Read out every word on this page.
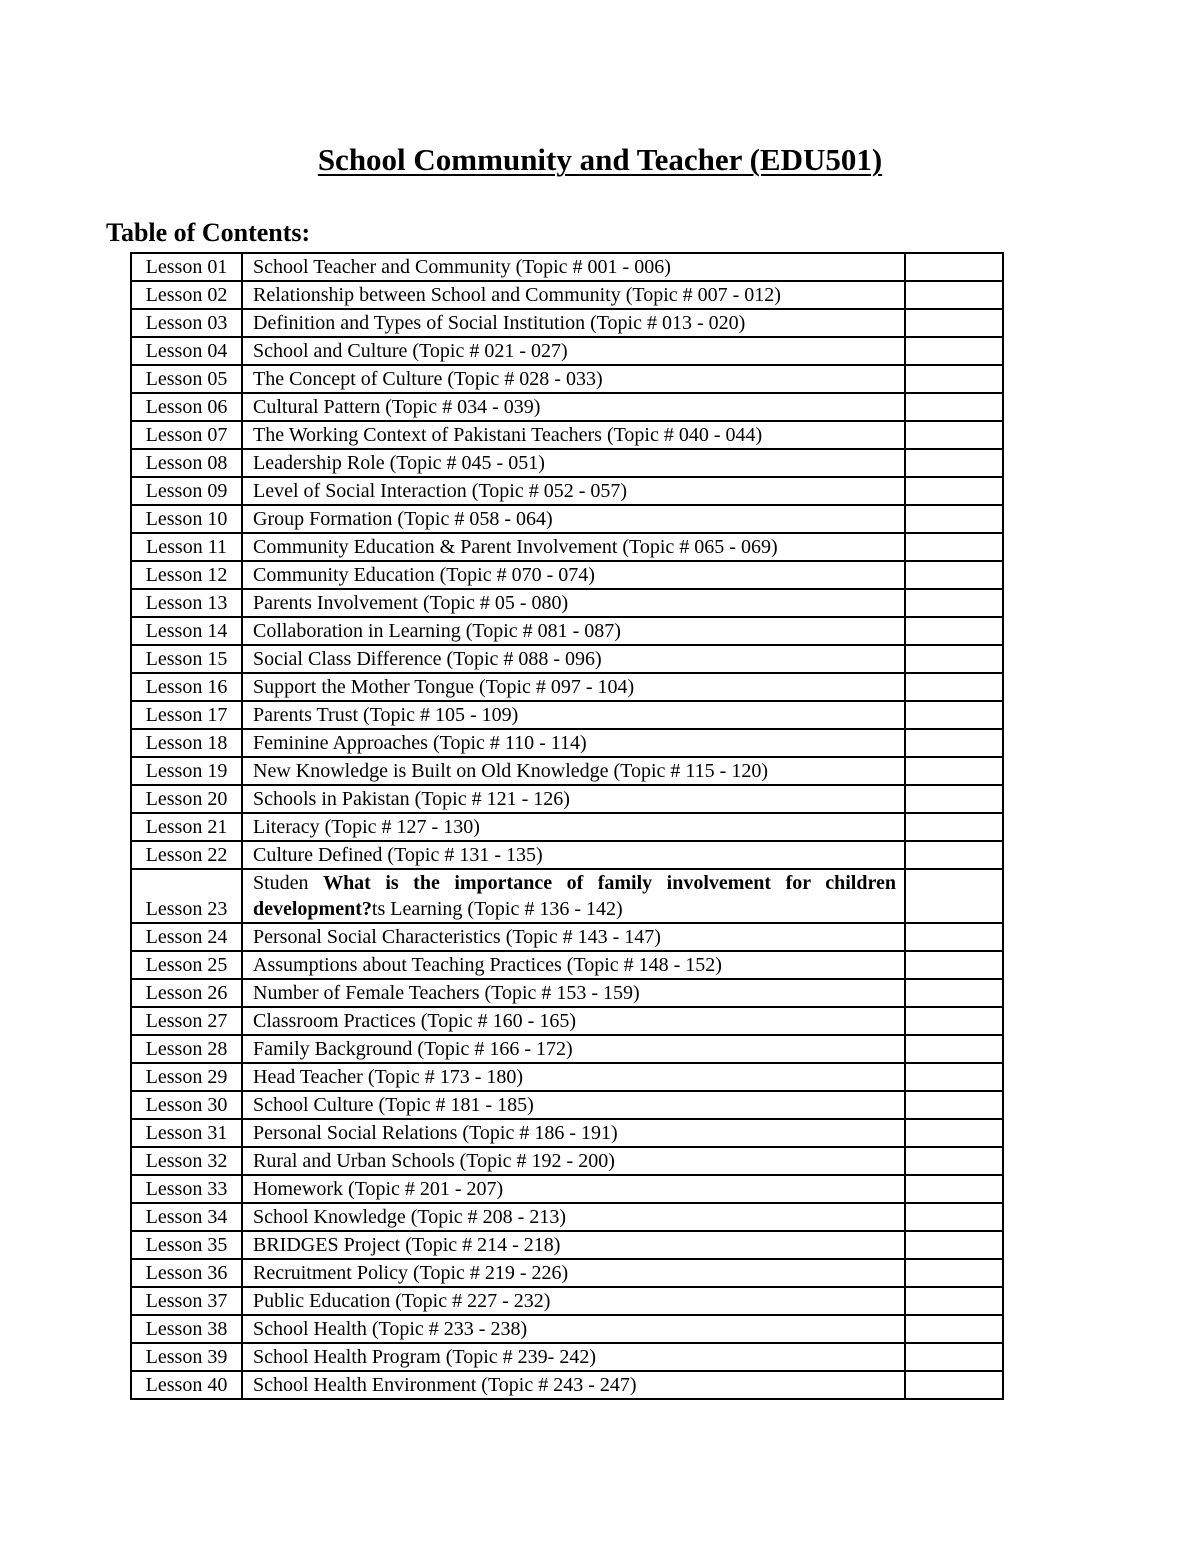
School Community and Teacher (EDU501)
Table of Contents:
Lesson 01	School Teacher and Community (Topic # 001 - 006)	
Lesson 02	Relationship between School and Community (Topic # 007 - 012)	
Lesson 03	Definition and Types of Social Institution (Topic # 013 - 020)	
Lesson 04	School and Culture (Topic # 021 - 027)	
Lesson 05	The Concept of Culture (Topic # 028 - 033)	
Lesson 06	Cultural Pattern (Topic # 034 - 039)	
Lesson 07	The Working Context of Pakistani Teachers (Topic # 040 - 044)	
Lesson 08	Leadership Role (Topic # 045 - 051)	
Lesson 09	Level of Social Interaction (Topic # 052 - 057)	
Lesson 10	Group Formation (Topic # 058 - 064)	
Lesson 11	Community Education & Parent Involvement (Topic # 065 - 069)	
Lesson 12	Community Education (Topic # 070 - 074)	
Lesson 13	Parents Involvement (Topic # 05 - 080)	
Lesson 14	Collaboration in Learning (Topic # 081 - 087)	
Lesson 15	Social Class Difference (Topic # 088 - 096)	
Lesson 16	Support the Mother Tongue (Topic # 097 - 104)	
Lesson 17	Parents Trust (Topic # 105 - 109)	
Lesson 18	Feminine Approaches (Topic # 110 - 114)	
Lesson 19	New Knowledge is Built on Old Knowledge (Topic # 115 - 120)	
Lesson 20	Schools in Pakistan (Topic # 121 - 126)	
Lesson 21	Literacy (Topic # 127 - 130)	
Lesson 22	Culture Defined (Topic # 131 - 135)	
Lesson 23	Studen What is the importance of family involvement for children development?ts Learning (Topic # 136 - 142)	
Lesson 24	Personal Social Characteristics (Topic # 143 - 147)	
Lesson 25	Assumptions about Teaching Practices (Topic # 148 - 152)	
Lesson 26	Number of Female Teachers (Topic # 153 - 159)	
Lesson 27	Classroom Practices (Topic # 160 - 165)	
Lesson 28	Family Background (Topic # 166 - 172)	
Lesson 29	Head Teacher (Topic # 173 - 180)	
Lesson 30	School Culture (Topic # 181 - 185)	
Lesson 31	Personal Social Relations (Topic # 186 - 191)	
Lesson 32	Rural and Urban Schools (Topic # 192 - 200)	
Lesson 33	Homework (Topic # 201 - 207)	
Lesson 34	School Knowledge (Topic # 208 - 213)	
Lesson 35	BRIDGES Project (Topic # 214 - 218)	
Lesson 36	Recruitment Policy (Topic # 219 - 226)	
Lesson 37	Public Education (Topic # 227 - 232)	
Lesson 38	School Health (Topic # 233 - 238)	
Lesson 39	School Health Program (Topic # 239- 242)	
Lesson 40	School Health Environment (Topic # 243 - 247)	
